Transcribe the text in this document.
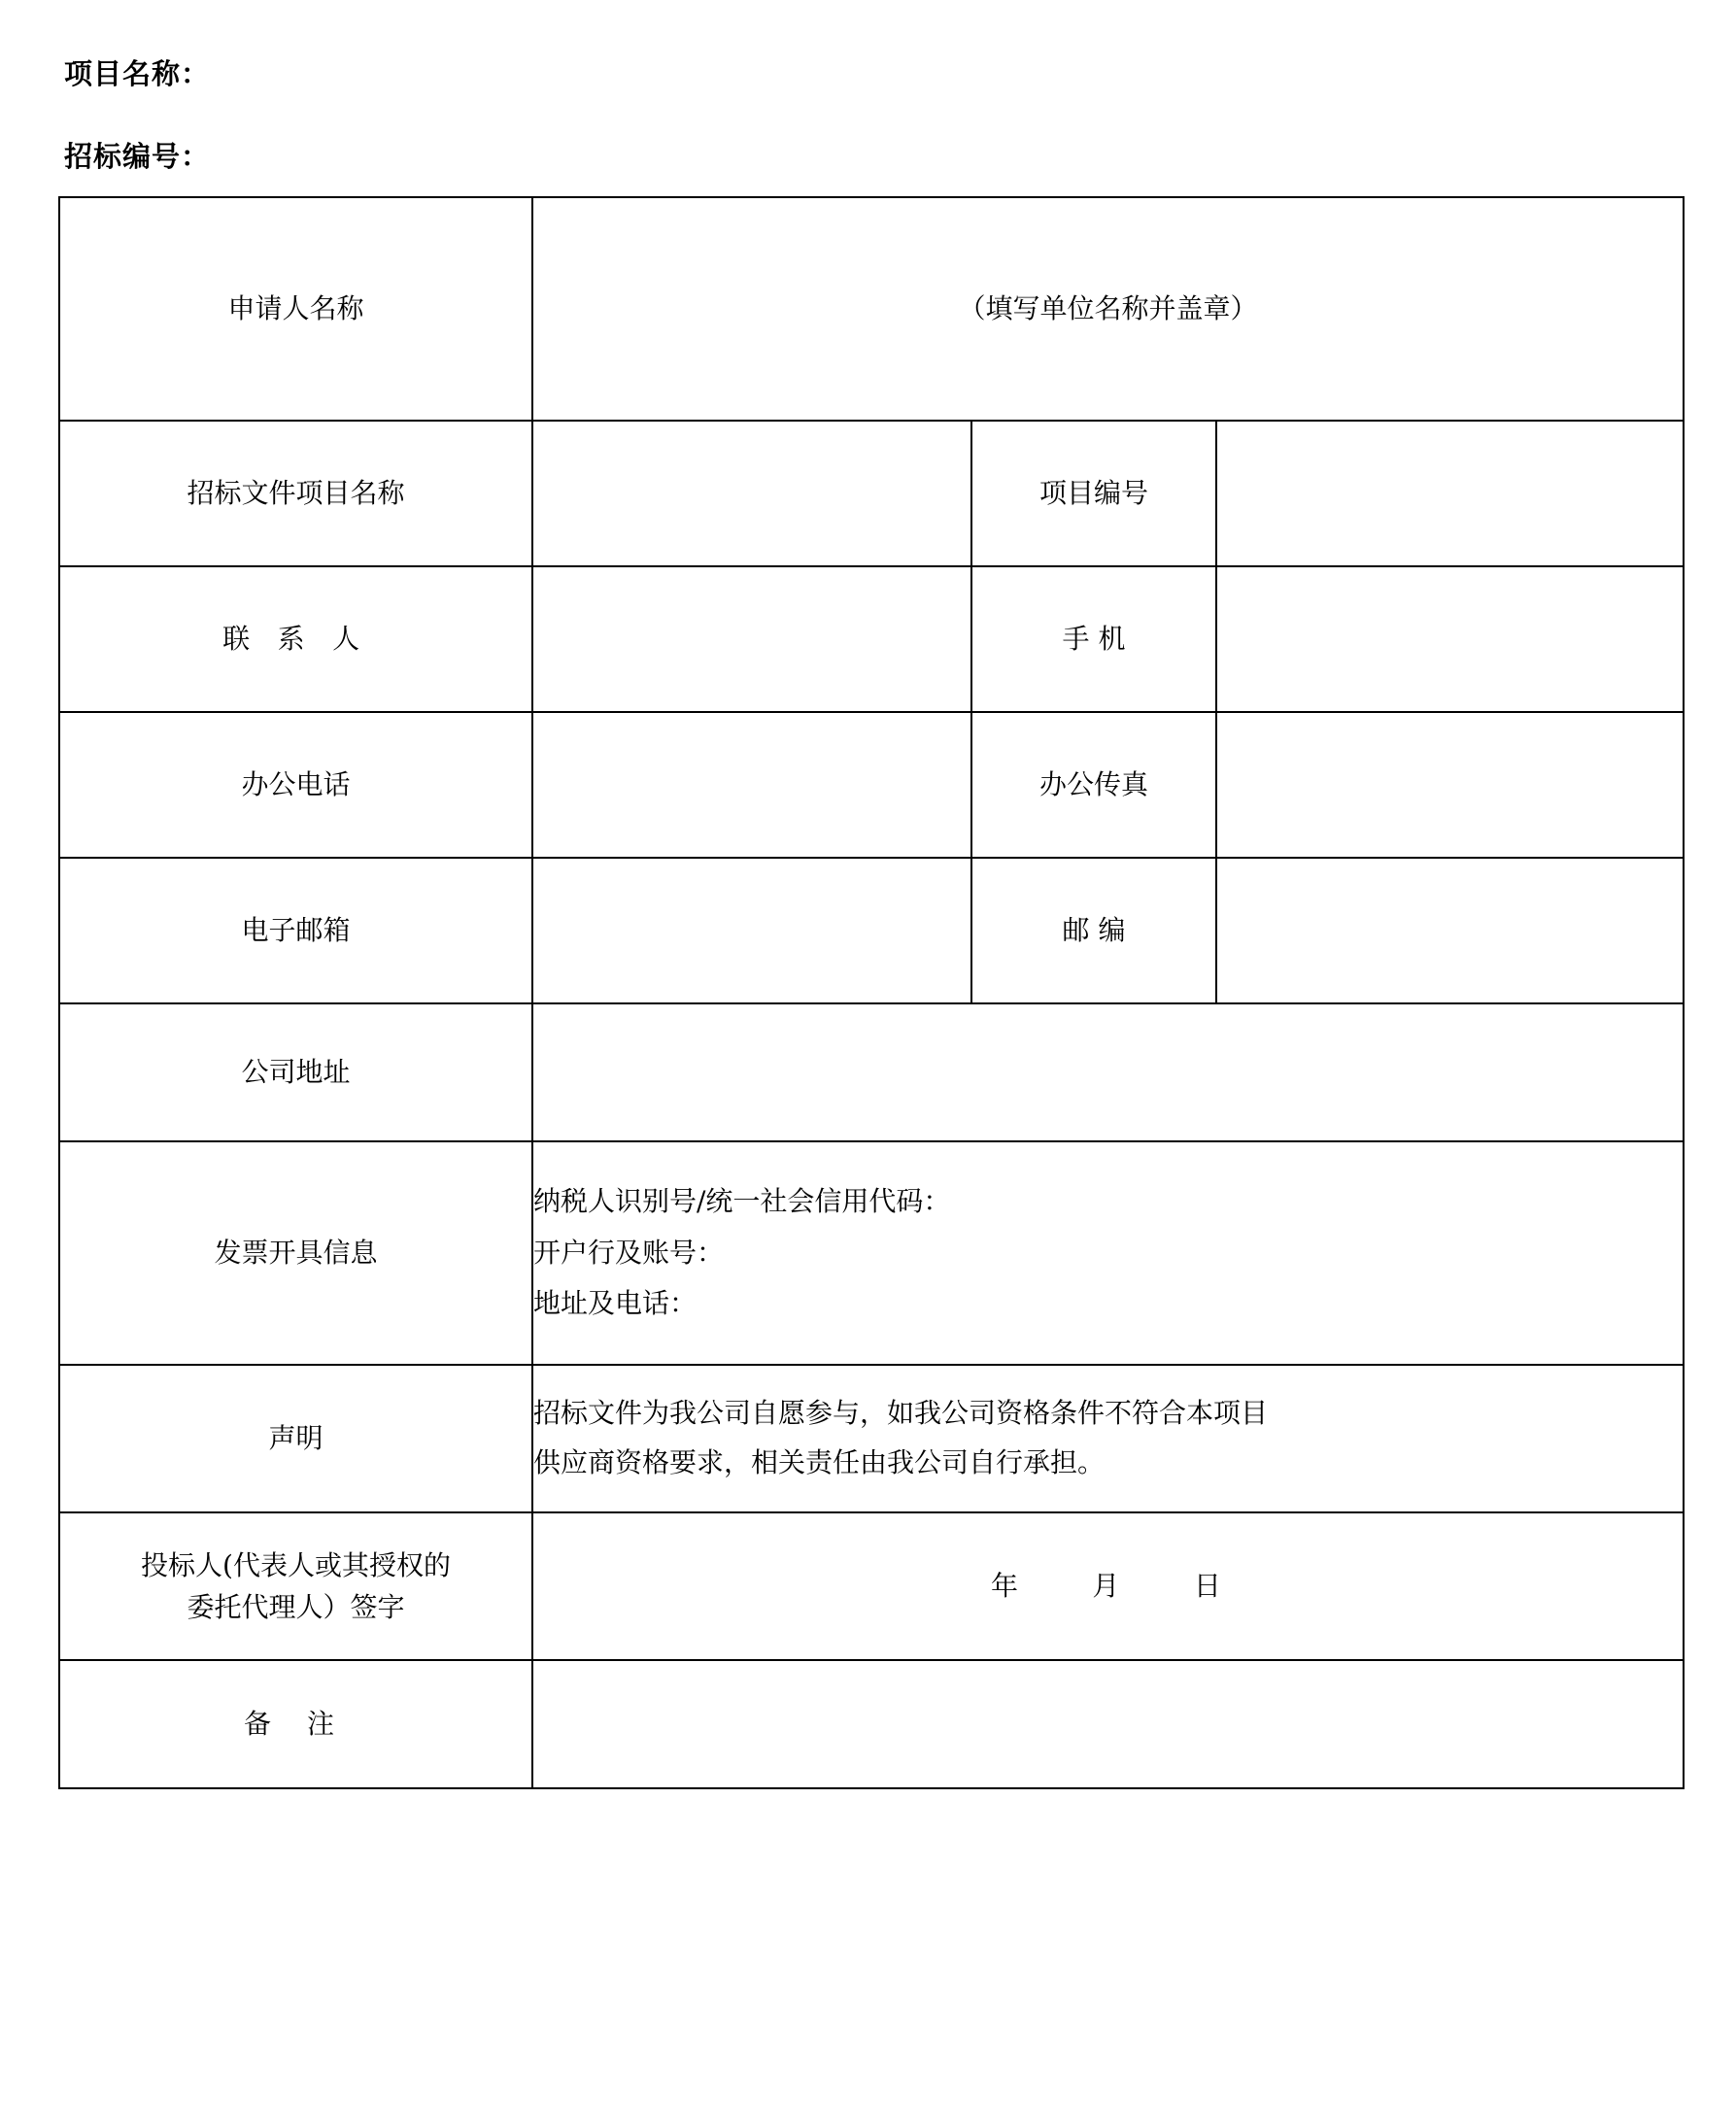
项目名称：
招标编号：
申请人名称	（填写单位名称并盖章）		
招标文件项目名称		项目编号	
联 系 人		手 机	
办公电话		办公传真	
电子邮箱		邮 编	
公司地址			
发票开具信息	纳税人识别号/统一社会信用代码：
开户行及账号：
地址及电话：		

声明	招标文件为我公司自愿参与，如我公司资格条件不符合本项目
供应商资格要求，相关责任由我公司自行承担。		

投标人(代表人或其授权的
委托代理人）签字	年 月 日		

备 注			
